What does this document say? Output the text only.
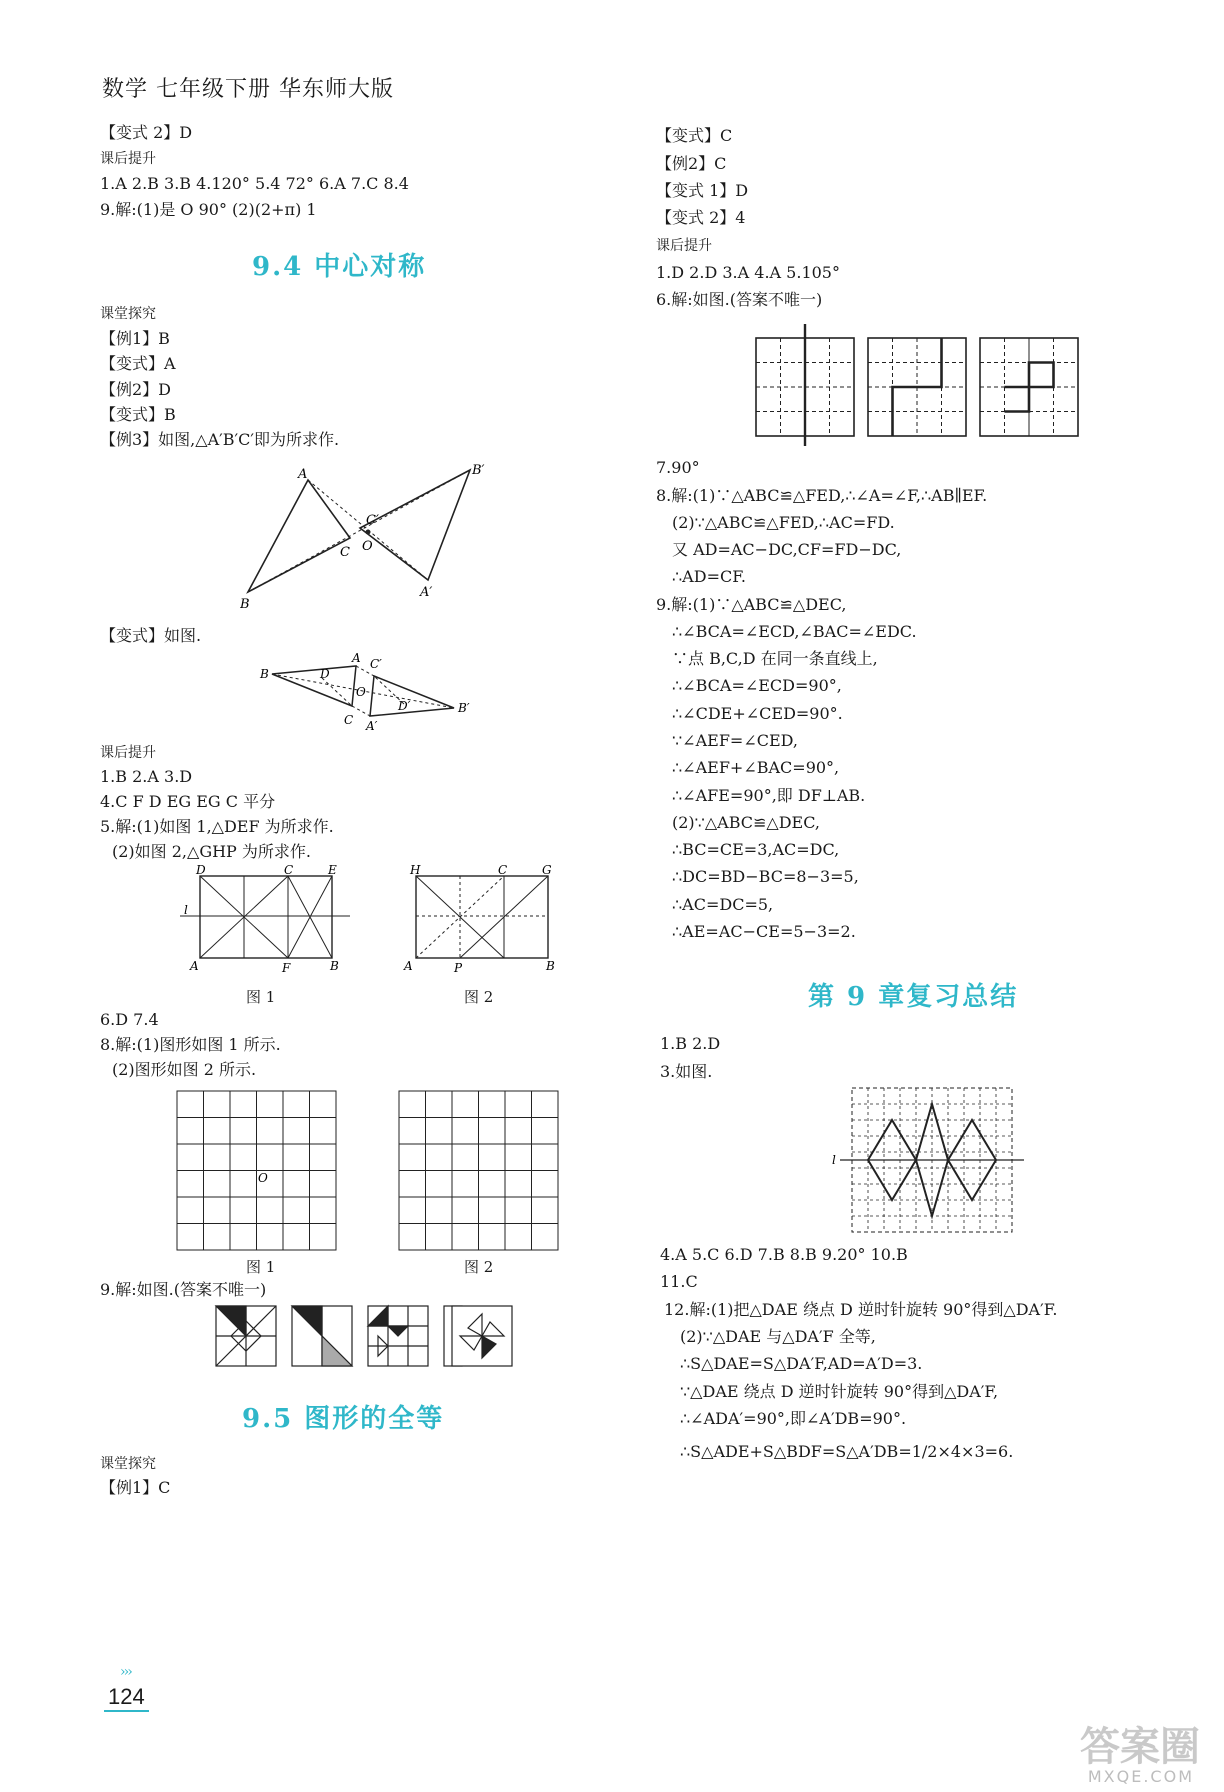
数学 七年级下册 华东师大版
【变式 2】D
课后提升
1.A 2.B 3.B 4.120° 5.4 72° 6.A 7.C 8.4
9.解:(1)是 O 90° (2)(2+π) 1
9.4 中心对称
课堂探究
【例1】B
【变式】A
【例2】D
【变式】B
【例3】如图,△A′B′C′即为所求作.
A
B
C O
C′
B′
A′
【变式】如图.
B
A C′
D
O
D′
C A′
B′
课后提升
1.B 2.A 3.D
4.C F D EG EG C 平分
5.解:(1)如图 1,△DEF 为所求作.
(2)如图 2,△GHP 为所求作.
D	C	E
l
A	F	B
图 1
H	C	G
A	P	B
图 2
6.D 7.4
8.解:(1)图形如图 1 所示.
(2)图形如图 2 所示.
O
图 1	图 2
9.解:如图.(答案不唯一)
9.5 图形的全等
课堂探究
【例1】C
【变式】C
【例2】C
【变式 1】D
【变式 2】4
课后提升
1.D 2.D 3.A 4.A 5.105°
6.解:如图.(答案不唯一)
7.90°
8.解:(1)∵△ABC≌△FED,∴∠A=∠F,∴AB∥EF.
(2)∵△ABC≌△FED,∴AC=FD.
又 AD=AC−DC,CF=FD−DC,
∴AD=CF.
9.解:(1)∵△ABC≌△DEC,
∴∠BCA=∠ECD,∠BAC=∠EDC.
∵点 B,C,D 在同一条直线上,
∴∠BCA=∠ECD=90°,
∴∠CDE+∠CED=90°.
∵∠AEF=∠CED,
∴∠AEF+∠BAC=90°,
∴∠AFE=90°,即 DF⊥AB.
(2)∵△ABC≌△DEC,
∴BC=CE=3,AC=DC,
∴DC=BD−BC=8−3=5,
∴AC=DC=5,
∴AE=AC−CE=5−3=2.
第 9 章复习总结
1.B 2.D
3.如图.
l
4.A 5.C 6.D 7.B 8.B 9.20° 10.B
11.C
12.解:(1)把△DAE 绕点 D 逆时针旋转 90°得到△DA′F.
(2)∵△DAE 与△DA′F 全等,
∴S△DAE=S△DA′F,AD=A′D=3.
∵△DAE 绕点 D 逆时针旋转 90°得到△DA′F,
∴∠ADA′=90°,即∠A′DB=90°.
∴S△ADE+S△BDF=S△A′DB=1/2×4×3=6.
›››
124
答案圈
MXQE.COM
